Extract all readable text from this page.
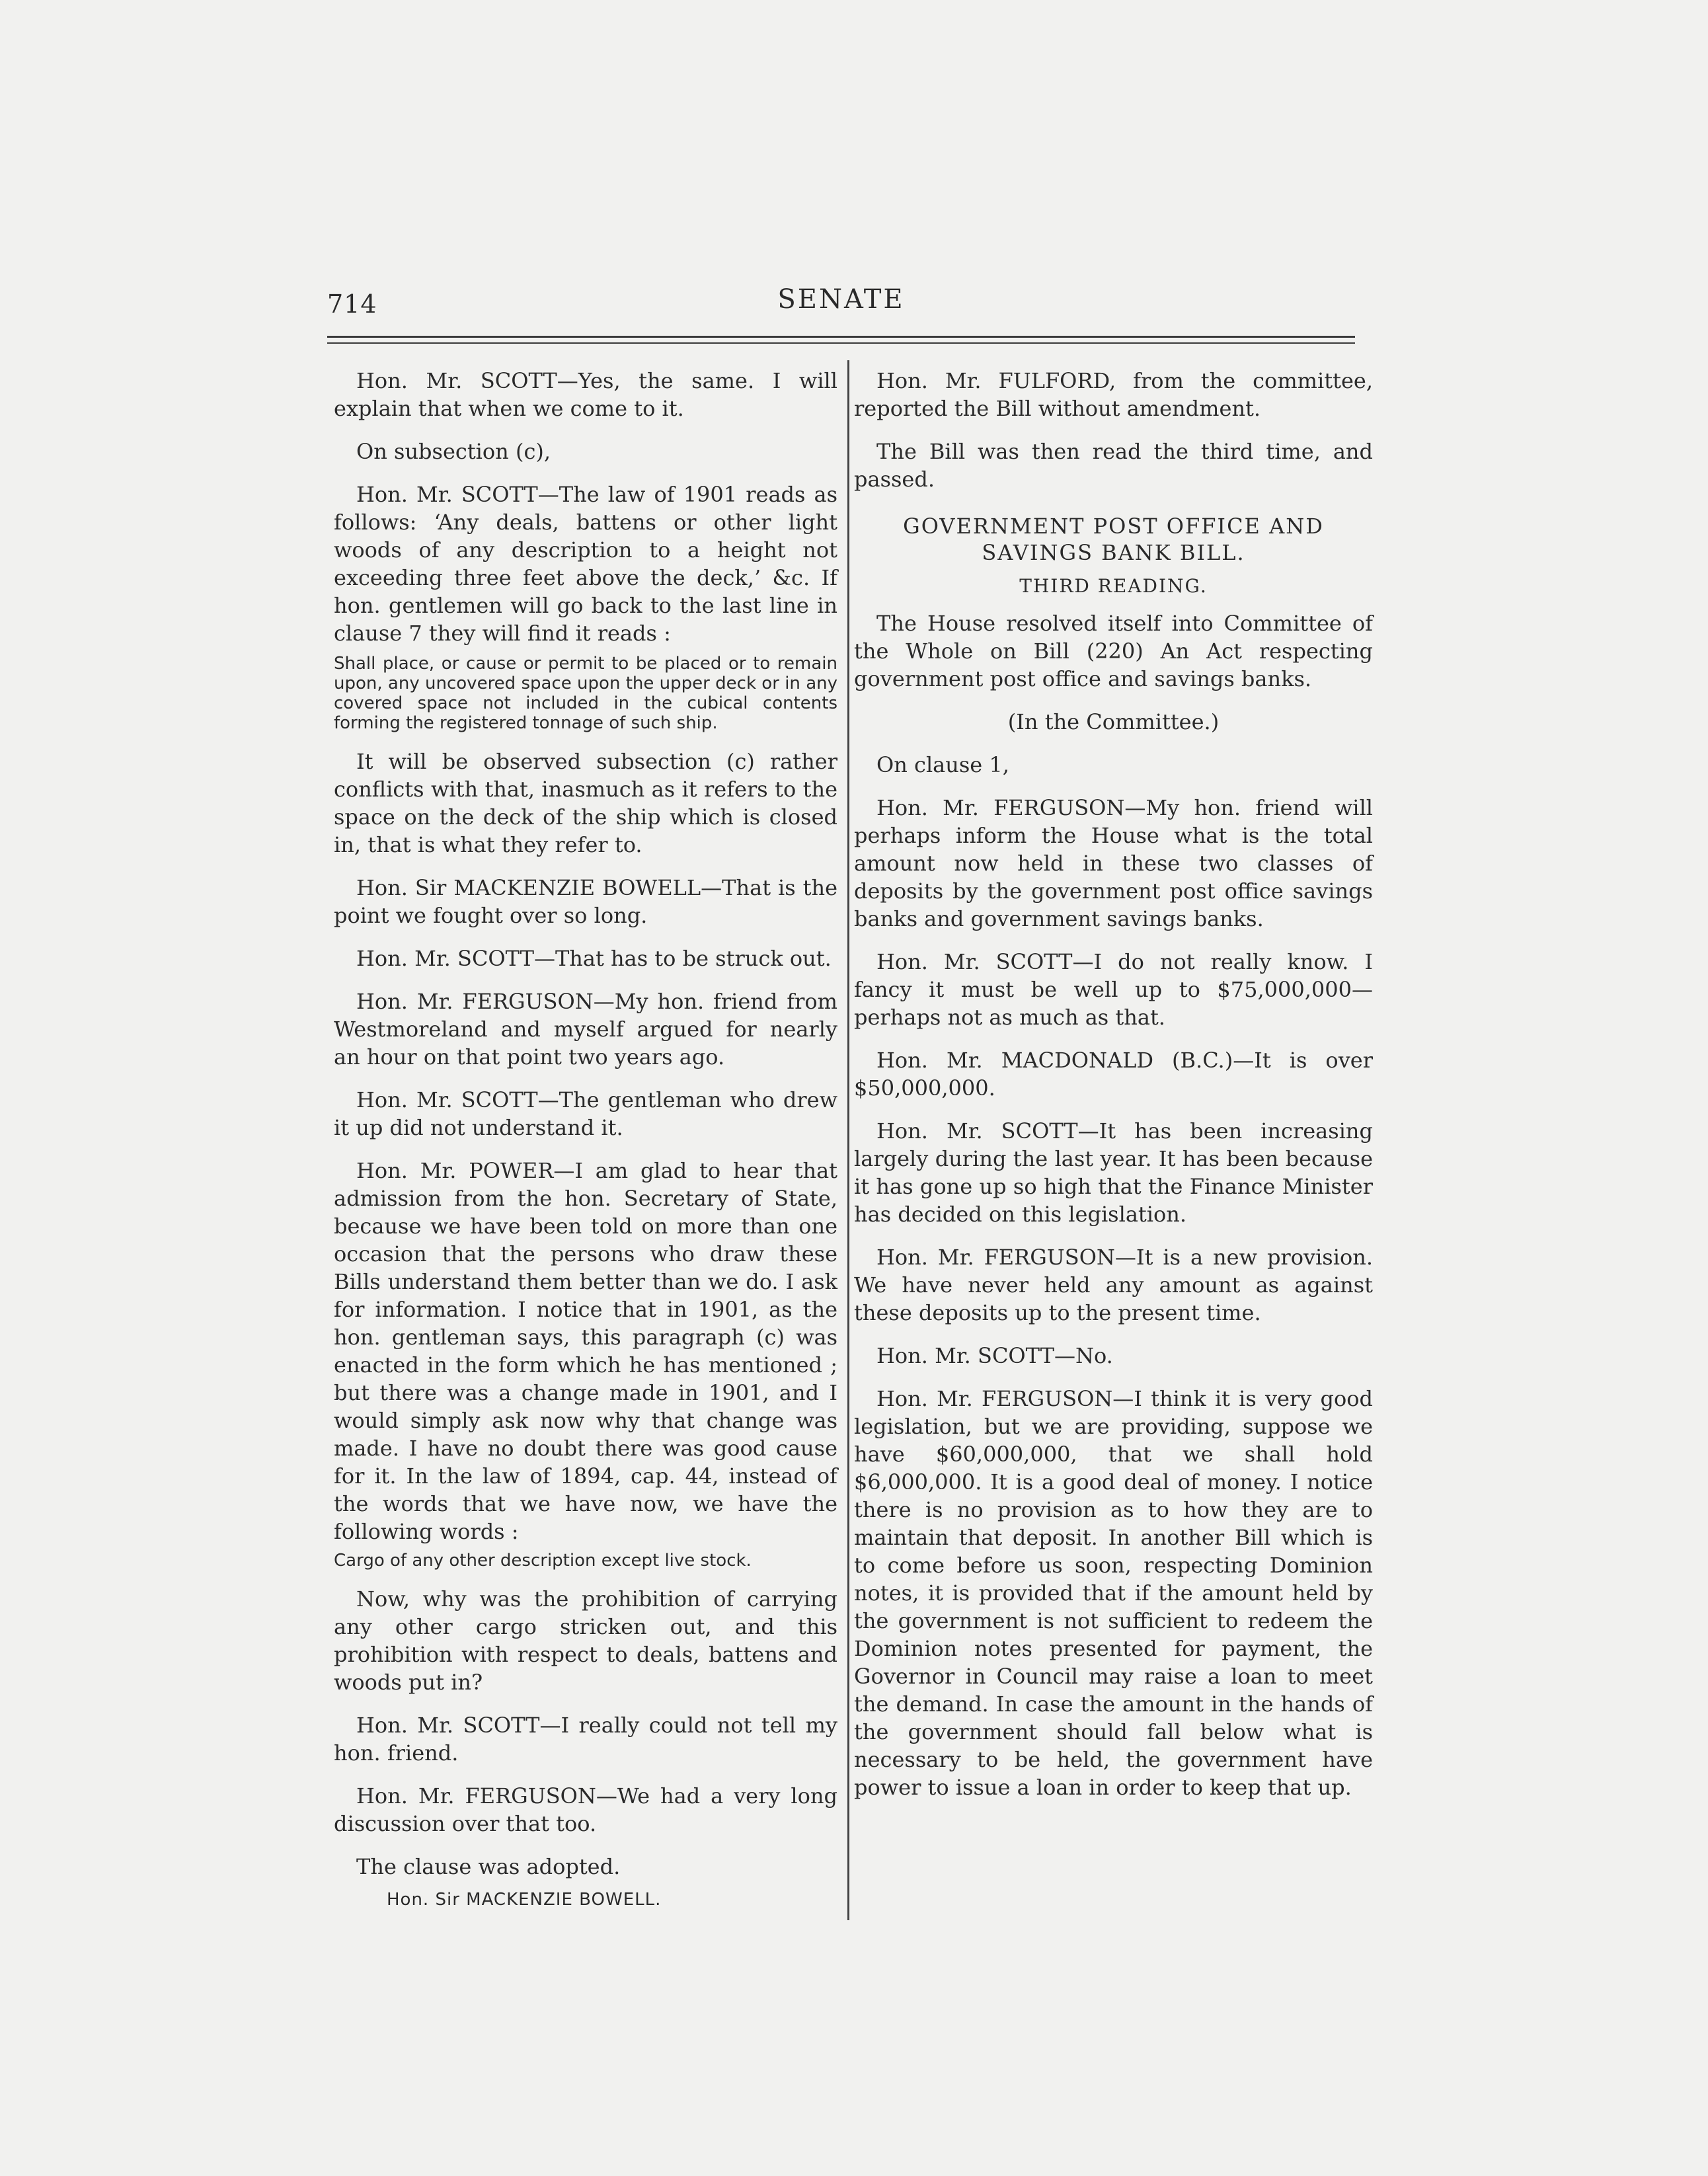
714	SENATE

Hon. Mr. SCOTT—Yes, the same. I will explain that when we come to it.

On subsection (c),

Hon. Mr. SCOTT—The law of 1901 reads as follows: ‘Any deals, battens or other light woods of any description to a height not exceeding three feet above the deck,’ &c. If hon. gentlemen will go back to the last line in clause 7 they will find it reads :

Shall place, or cause or permit to be placed or to remain upon, any uncovered space upon the upper deck or in any covered space not included in the cubical contents forming the registered tonnage of such ship.

It will be observed subsection (c) rather conflicts with that, inasmuch as it refers to the space on the deck of the ship which is closed in, that is what they refer to.

Hon. Sir MACKENZIE BOWELL—That is the point we fought over so long.

Hon. Mr. SCOTT—That has to be struck out.

Hon. Mr. FERGUSON—My hon. friend from Westmoreland and myself argued for nearly an hour on that point two years ago.

Hon. Mr. SCOTT—The gentleman who drew it up did not understand it.

Hon. Mr. POWER—I am glad to hear that admission from the hon. Secretary of State, because we have been told on more than one occasion that the persons who draw these Bills understand them better than we do. I ask for information. I notice that in 1901, as the hon. gentleman says, this paragraph (c) was enacted in the form which he has mentioned ; but there was a change made in 1901, and I would simply ask now why that change was made. I have no doubt there was good cause for it. In the law of 1894, cap. 44, instead of the words that we have now, we have the following words :

Cargo of any other description except live stock.

Now, why was the prohibition of carrying any other cargo stricken out, and this prohibition with respect to deals, battens and woods put in?

Hon. Mr. SCOTT—I really could not tell my hon. friend.

Hon. Mr. FERGUSON—We had a very long discussion over that too.

The clause was adopted.

Hon. Sir MACKENZIE BOWELL.

Hon. Mr. FULFORD, from the committee, reported the Bill without amendment.

The Bill was then read the third time, and passed.

GOVERNMENT POST OFFICE AND SAVINGS BANK BILL.

THIRD READING.

The House resolved itself into Committee of the Whole on Bill (220) An Act respecting government post office and savings banks.

(In the Committee.)

On clause 1,

Hon. Mr. FERGUSON—My hon. friend will perhaps inform the House what is the total amount now held in these two classes of deposits by the government post office savings banks and government savings banks.

Hon. Mr. SCOTT—I do not really know. I fancy it must be well up to $75,000,000—perhaps not as much as that.

Hon. Mr. MACDONALD (B.C.)—It is over $50,000,000.

Hon. Mr. SCOTT—It has been increasing largely during the last year. It has been because it has gone up so high that the Finance Minister has decided on this legislation.

Hon. Mr. FERGUSON—It is a new provision. We have never held any amount as against these deposits up to the present time.

Hon. Mr. SCOTT—No.

Hon. Mr. FERGUSON—I think it is very good legislation, but we are providing, suppose we have $60,000,000, that we shall hold $6,000,000. It is a good deal of money. I notice there is no provision as to how they are to maintain that deposit. In another Bill which is to come before us soon, respecting Dominion notes, it is provided that if the amount held by the government is not sufficient to redeem the Dominion notes presented for payment, the Governor in Council may raise a loan to meet the demand. In case the amount in the hands of the government should fall below what is necessary to be held, the government have power to issue a loan in order to keep that up.
